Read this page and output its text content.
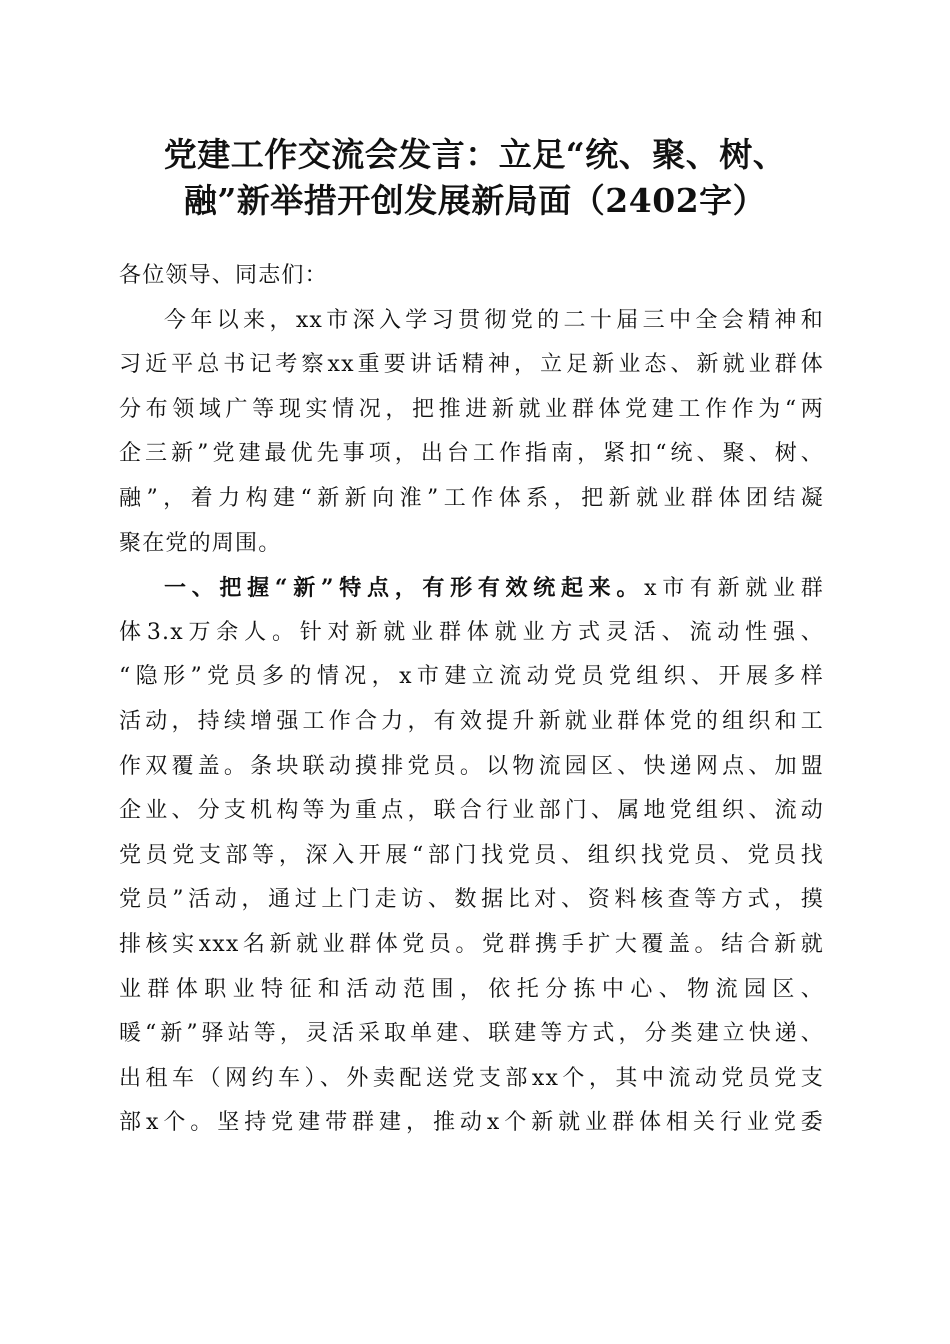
党建工作交流会发言：立足“统、聚、树、
融”新举措开创发展新局面（2402字）
各位领导、同志们：
今年以来，xx市深入学习贯彻党的二十届三中全会精神和
习近平总书记考察xx重要讲话精神，立足新业态、新就业群体
分布领域广等现实情况，把推进新就业群体党建工作作为“两
企三新”党建最优先事项，出台工作指南，紧扣“统、聚、树、
融”，着力构建“新新向淮”工作体系，把新就业群体团结凝
聚在党的周围。
一、把握“新”特点，有形有效统起来。x市有新就业群
体3.x万余人。针对新就业群体就业方式灵活、流动性强、
“隐形”党员多的情况，x市建立流动党员党组织、开展多样
活动，持续增强工作合力，有效提升新就业群体党的组织和工
作双覆盖。条块联动摸排党员。以物流园区、快递网点、加盟
企业、分支机构等为重点，联合行业部门、属地党组织、流动
党员党支部等，深入开展“部门找党员、组织找党员、党员找
党员”活动，通过上门走访、数据比对、资料核查等方式，摸
排核实xxx名新就业群体党员。党群携手扩大覆盖。结合新就
业群体职业特征和活动范围，依托分拣中心、物流园区、
暖“新”驿站等，灵活采取单建、联建等方式，分类建立快递、
出租车（网约车）、外卖配送党支部xx个，其中流动党员党支
部x个。坚持党建带群建，推动x个新就业群体相关行业党委
